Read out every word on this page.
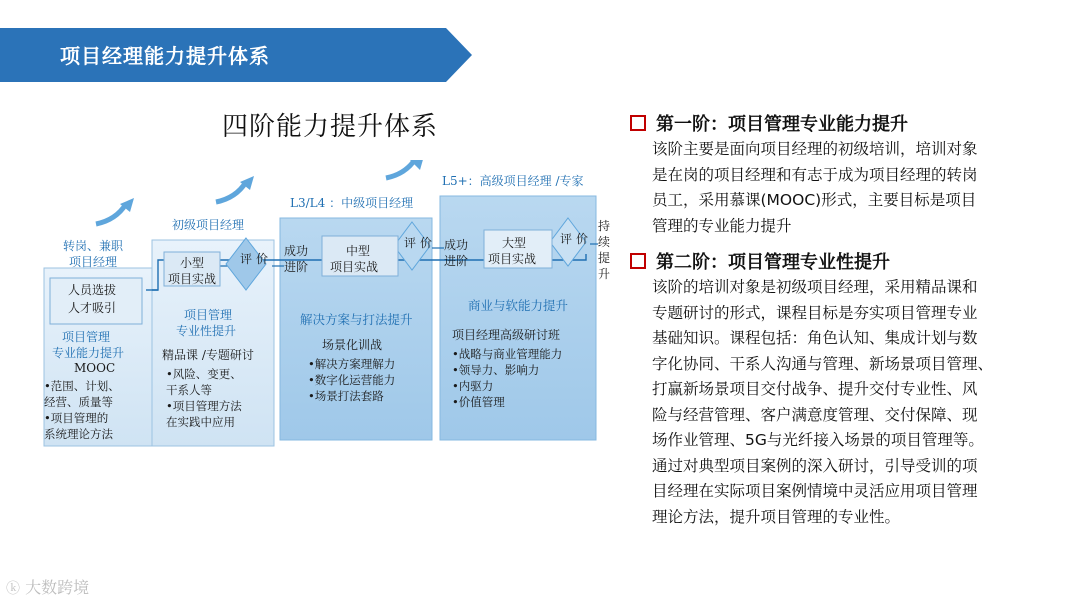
项目经理能力提升体系
四阶能力提升体系
转岗、兼职
项目经理
人员选拔
人才吸引
项目管理
专业能力提升
MOOC
•范围、计划、
经营、质量等
•项目管理的
系统理论方法
初级项目经理
小型
项目实战
评价
项目管理
专业性提升
精品课 /专题研讨
•风险、变更、
干系人等
•项目管理方法
在实践中应用
L3/L4 ：中级项目经理
成功
进阶
中型
项目实战
评价
解决方案与打法提升
场景化训战
•解决方案理解力
•数字化运营能力
•场景打法套路
L5+：高级项目经理 /专家
成功
进阶
大型
项目实战
评价
商业与软能力提升
项目经理高级研讨班
•战略与商业管理能力
•领导力、影响力
•内驱力
•价值管理
持
续
提
升
第一阶：项目管理专业能力提升
该阶主要是面向项目经理的初级培训，培训对象
是在岗的项目经理和有志于成为项目经理的转岗
员工，采用慕课(MOOC)形式，主要目标是项目
管理的专业能力提升
第二阶：项目管理专业性提升
该阶的培训对象是初级项目经理，采用精品课和
专题研讨的形式，课程目标是夯实项目管理专业
基础知识。课程包括：角色认知、集成计划与数
字化协同、干系人沟通与管理、新场景项目管理、
打赢新场景项目交付战争、提升交付专业性、风
险与经营管理、客户满意度管理、交付保障、现
场作业管理、5G与光纤接入场景的项目管理等。
通过对典型项目案例的深入研讨，引导受训的项
目经理在实际项目案例情境中灵活应用项目管理
理论方法，提升项目管理的专业性。
ⓚ 大数跨境
